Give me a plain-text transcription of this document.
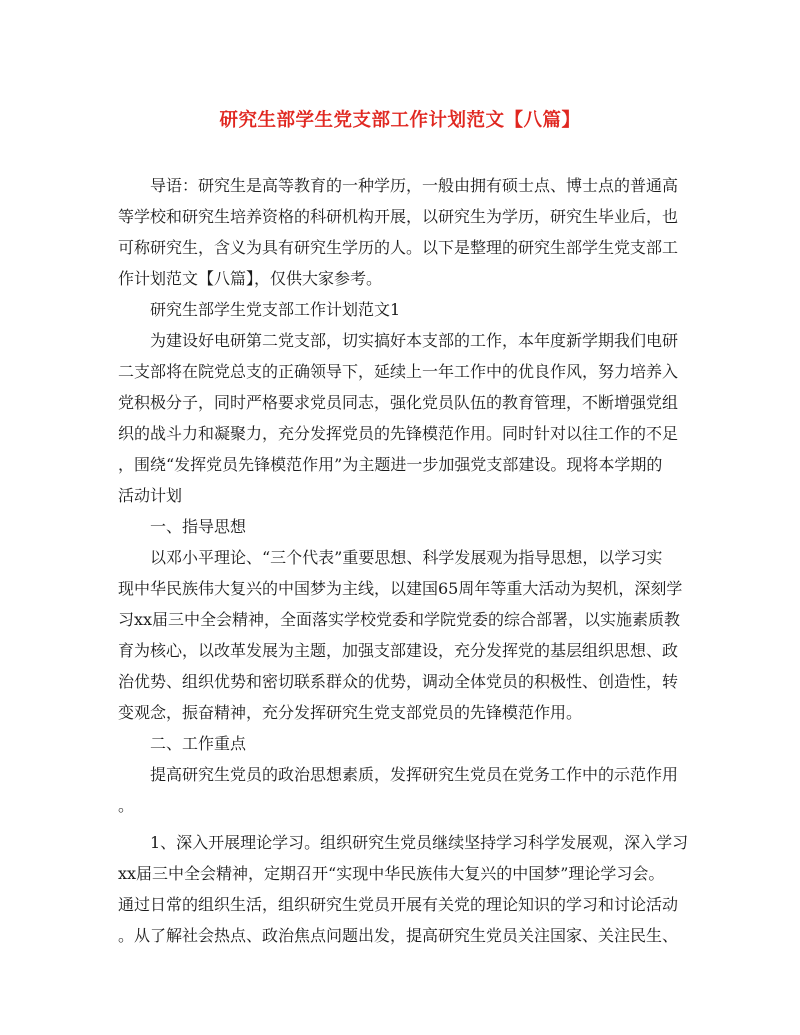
研究生部学生党支部工作计划范文【八篇】
导语：研究生是高等教育的一种学历，一般由拥有硕士点、博士点的普通高
等学校和研究生培养资格的科研机构开展，以研究生为学历，研究生毕业后，也
可称研究生，含义为具有研究生学历的人。以下是整理的研究生部学生党支部工
作计划范文【八篇】，仅供大家参考。
研究生部学生党支部工作计划范文1
为建设好电研第二党支部，切实搞好本支部的工作，本年度新学期我们电研
二支部将在院党总支的正确领导下，延续上一年工作中的优良作风，努力培养入
党积极分子，同时严格要求党员同志，强化党员队伍的教育管理，不断增强党组
织的战斗力和凝聚力，充分发挥党员的先锋模范作用。同时针对以往工作的不足
，围绕“发挥党员先锋模范作用”为主题进一步加强党支部建设。现将本学期的
活动计划
一、指导思想
以邓小平理论、“三个代表”重要思想、科学发展观为指导思想，以学习实
现中华民族伟大复兴的中国梦为主线，以建国65周年等重大活动为契机，深刻学
习xx届三中全会精神，全面落实学校党委和学院党委的综合部署，以实施素质教
育为核心，以改革发展为主题，加强支部建设，充分发挥党的基层组织思想、政
治优势、组织优势和密切联系群众的优势，调动全体党员的积极性、创造性，转
变观念，振奋精神，充分发挥研究生党支部党员的先锋模范作用。
二、工作重点
提高研究生党员的政治思想素质，发挥研究生党员在党务工作中的示范作用
。
1、深入开展理论学习。组织研究生党员继续坚持学习科学发展观，深入学习
xx届三中全会精神，定期召开“实现中华民族伟大复兴的中国梦”理论学习会。
通过日常的组织生活，组织研究生党员开展有关党的理论知识的学习和讨论活动
。从了解社会热点、政治焦点问题出发，提高研究生党员关注国家、关注民生、
